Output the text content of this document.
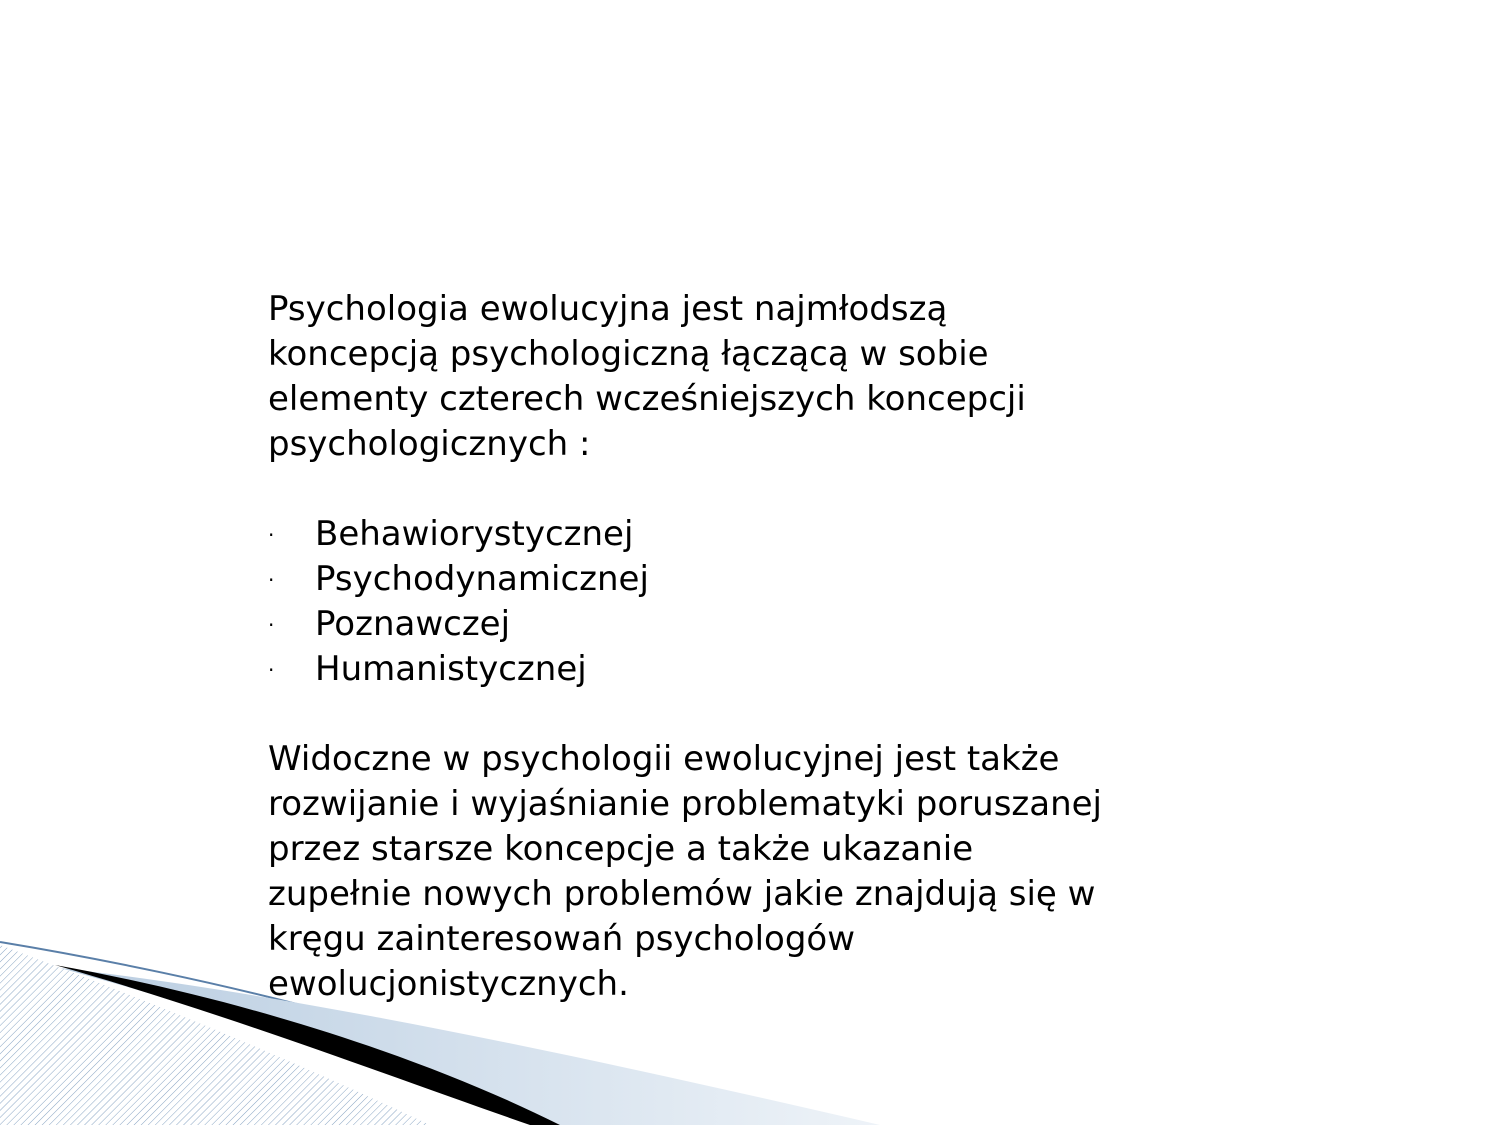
Psychologia ewolucyjna jest najmłodszą
koncepcją psychologiczną łączącą w sobie
elementy czterech wcześniejszych koncepcji
psychologicznych :

·	Behawiorystycznej
·	Psychodynamicznej
·	Poznawczej
·	Humanistycznej

Widoczne w psychologii ewolucyjnej jest także
rozwijanie i wyjaśnianie problematyki poruszanej
przez starsze koncepcje a także ukazanie
zupełnie nowych problemów jakie znajdują się w
kręgu zainteresowań psychologów
ewolucjonistycznych.
